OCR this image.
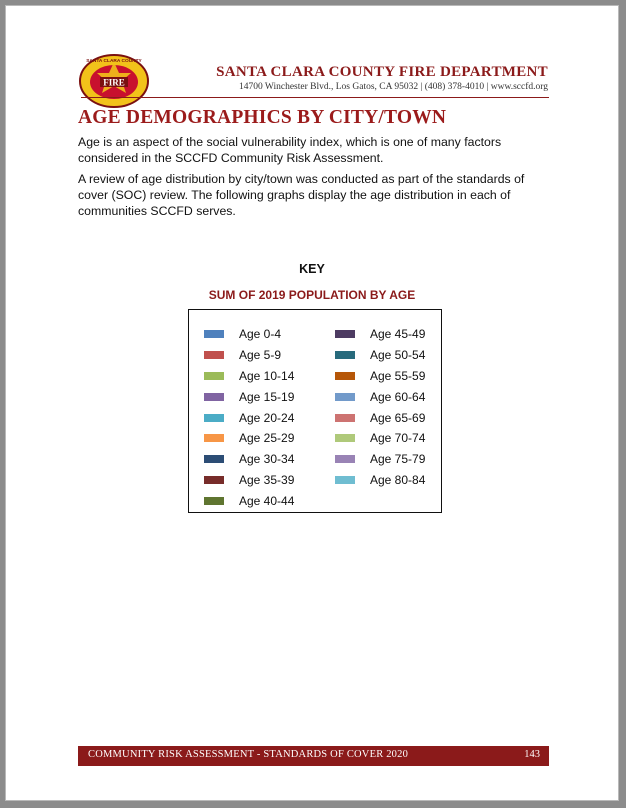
FIRE
SANTA CLARA COUNTY
SANTA CLARA COUNTY FIRE DEPARTMENT
14700 Winchester Blvd., Los Gatos, CA 95032 | (408) 378-4010 | www.sccfd.org
AGE DEMOGRAPHICS BY CITY/TOWN

Age is an aspect of the social vulnerability index, which is one of many factors considered in the SCCFD Community Risk Assessment.

A review of age distribution by city/town was conducted as part of the standards of cover (SOC) review. The following graphs display the age distribution in each of communities SCCFD serves.

KEY
SUM OF 2019 POPULATION BY AGE
Age 0-4
Age 5-9
Age 10-14
Age 15-19
Age 20-24
Age 25-29
Age 30-34
Age 35-39
Age 40-44
Age 45-49
Age 50-54
Age 55-59
Age 60-64
Age 65-69
Age 70-74
Age 75-79
Age 80-84
COMMUNITY RISK ASSESSMENT - STANDARDS OF COVER 2020	143
